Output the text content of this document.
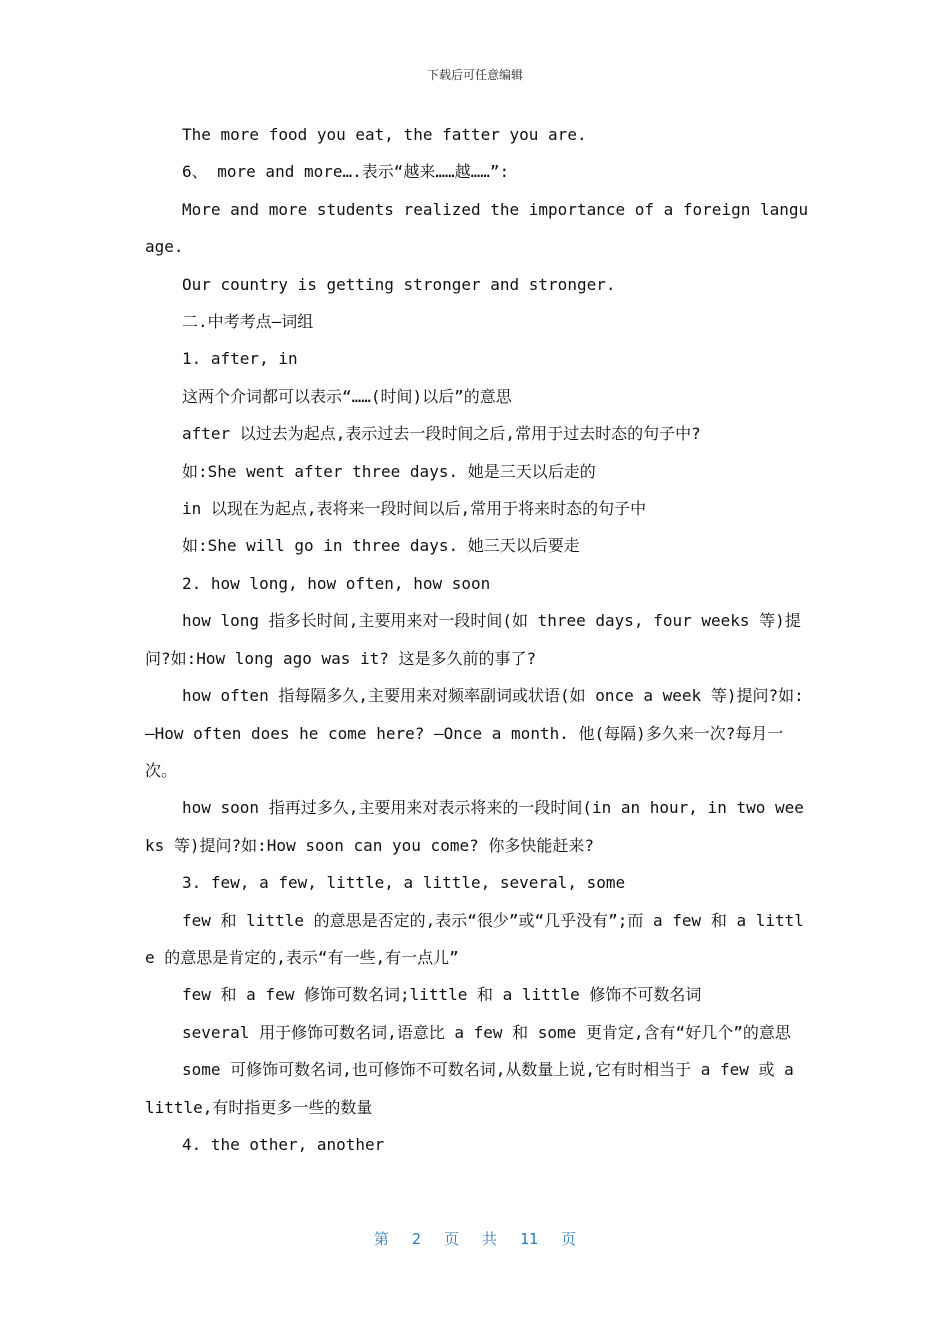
下载后可任意编辑

The more food you eat, the fatter you are.

6、 more and more….表示“越来……越……”:

More and more students realized the importance of a foreign language.

Our country is getting stronger and stronger.

二.中考考点—词组

1. after, in

这两个介词都可以表示“……(时间)以后”的意思

after 以过去为起点,表示过去一段时间之后,常用于过去时态的句子中?

如:She went after three days. 她是三天以后走的

in 以现在为起点,表将来一段时间以后,常用于将来时态的句子中

如:She will go in three days. 她三天以后要走

2. how long, how often, how soon

how long 指多长时间,主要用来对一段时间(如 three days, four weeks 等)提问?如:How long ago was it? 这是多久前的事了?

how often 指每隔多久,主要用来对频率副词或状语(如 once a week 等)提问?如:—How often does he come here? —Once a month. 他(每隔)多久来一次?每月一次。

how soon 指再过多久,主要用来对表示将来的一段时间(in an hour, in two weeks 等)提问?如:How soon can you come? 你多快能赶来?

3. few, a few, little, a little, several, some

few 和 little 的意思是否定的,表示“很少”或“几乎没有”;而 a few 和 a little 的意思是肯定的,表示“有一些,有一点儿”

few 和 a few 修饰可数名词;little 和 a little 修饰不可数名词

several 用于修饰可数名词,语意比 a few 和 some 更肯定,含有“好几个”的意思

some 可修饰可数名词,也可修饰不可数名词,从数量上说,它有时相当于 a few 或 a little,有时指更多一些的数量

4. the other, another

第 2 页 共 11 页
